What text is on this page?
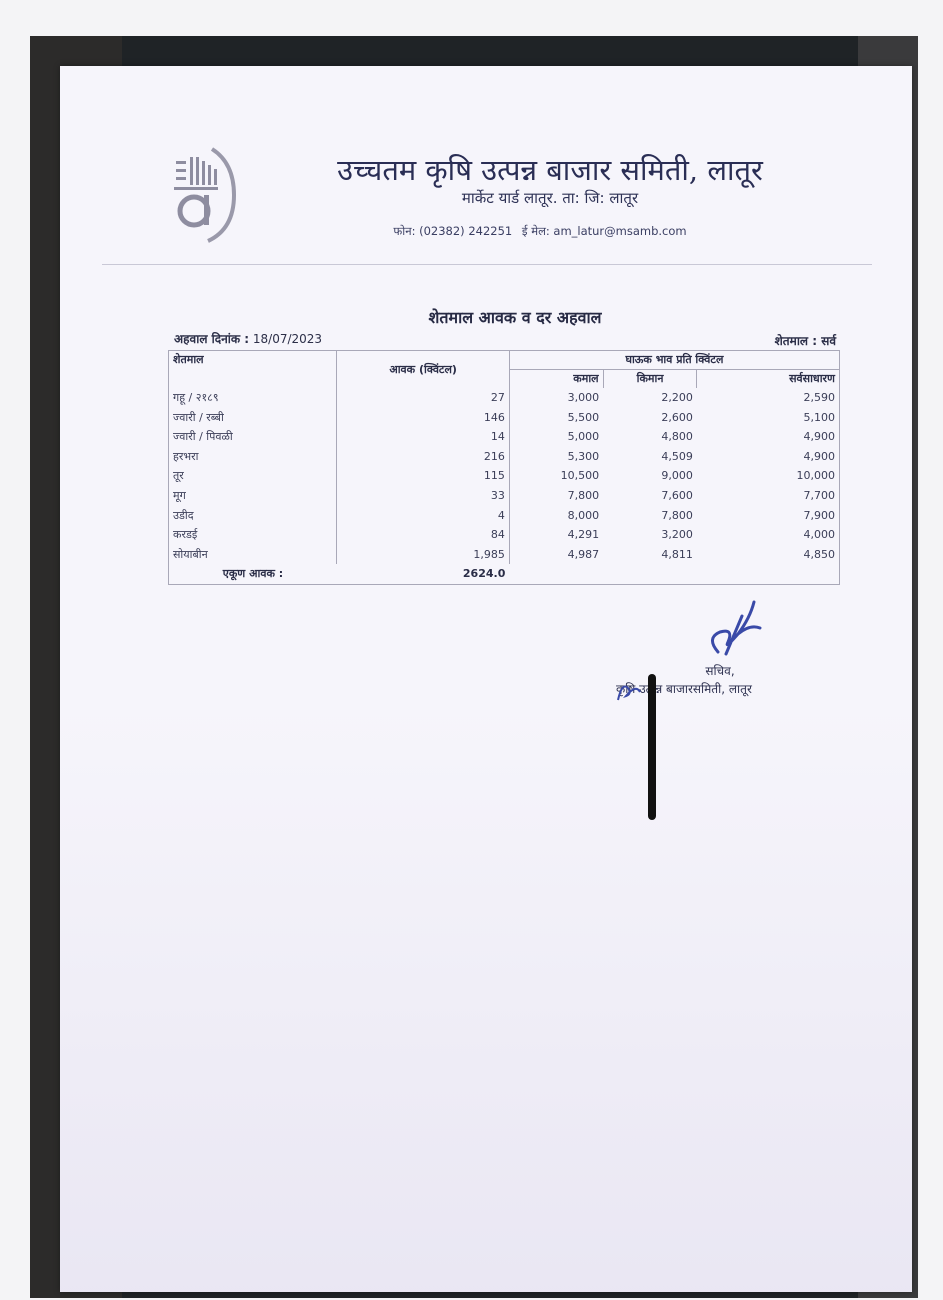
उच्चतम कृषि उत्पन्न बाजार समिती, लातूर
मार्केट यार्ड लातूर. ता: जि: लातूर
फोन: (02382) 242251 ई मेल: am_latur@msamb.com
शेतमाल आवक व दर अहवाल
अहवाल दिनांक : 18/07/2023	शेतमाल : सर्व
शेतमाल	आवक (क्विंटल)	घाऊक भाव प्रति क्विंटल		
		कमाल	किमान	सर्वसाधारण
गहू / २१८९	27	3,000	2,200	2,590
ज्वारी / रब्बी	146	5,500	2,600	5,100
ज्वारी / पिवळी	14	5,000	4,800	4,900
हरभरा	216	5,300	4,509	4,900
तूर	115	10,500	9,000	10,000
मूग	33	7,800	7,600	7,700
उडीद	4	8,000	7,800	7,900
करडई	84	4,291	3,200	4,000
सोयाबीन	1,985	4,987	4,811	4,850
एकूण आवक :	2624.0			
सचिव,
कृषि उत्पन्न बाजारसमिती, लातूर
